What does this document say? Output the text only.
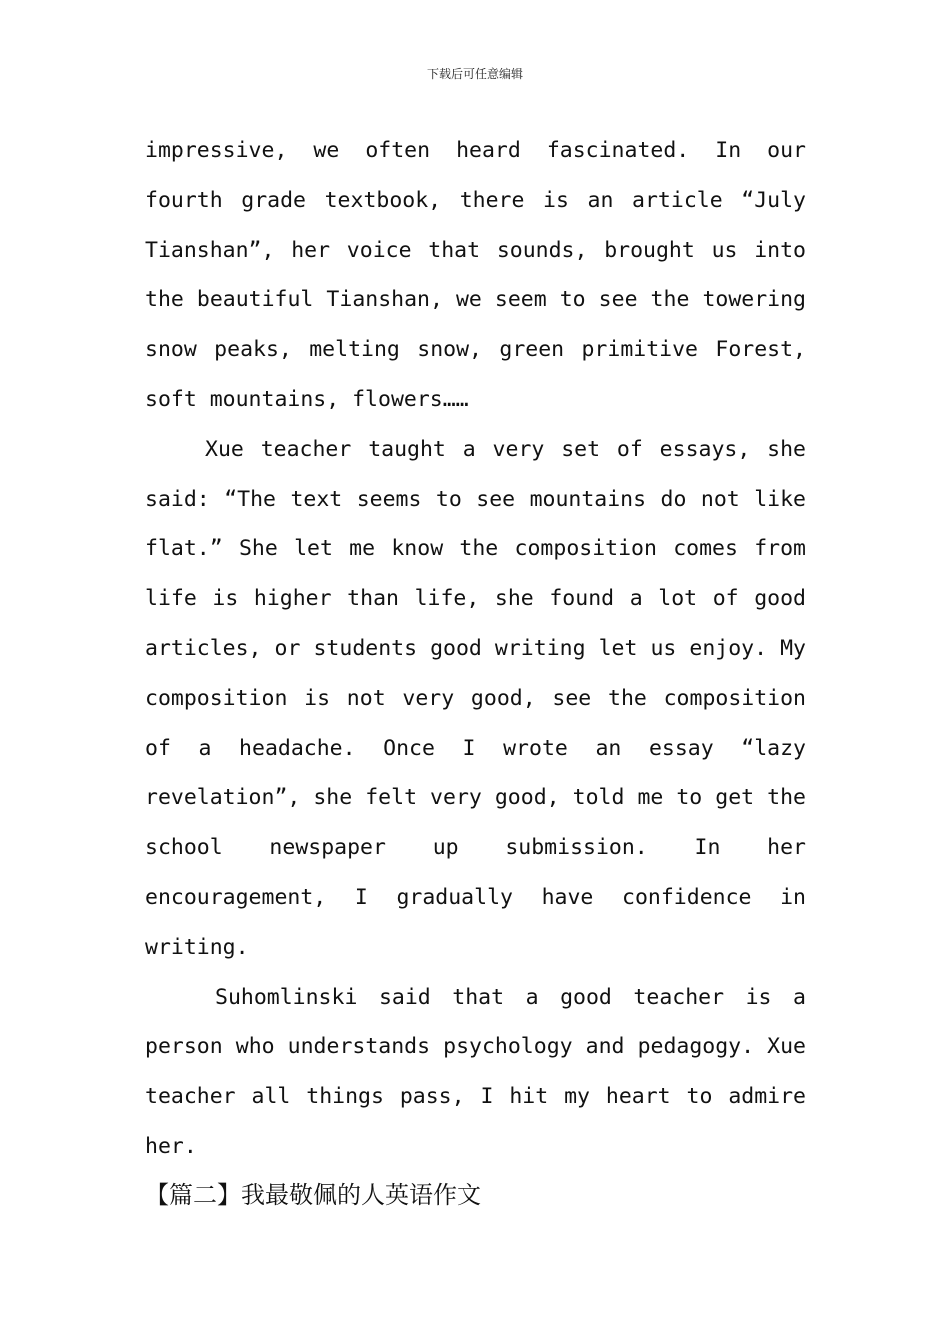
下载后可任意编辑

impressive, we often heard fascinated. In our fourth grade textbook, there is an article “July Tianshan”, her voice that sounds, brought us into the beautiful Tianshan, we seem to see the towering snow peaks, melting snow, green primitive Forest, soft mountains, flowers……

Xue teacher taught a very set of essays, she said: “The text seems to see mountains do not like flat.” She let me know the composition comes from life is higher than life, she found a lot of good articles, or students good writing let us enjoy. My composition is not very good, see the composition of a headache. Once I wrote an essay “lazy revelation”, she felt very good, told me to get the school newspaper up submission. In her encouragement, I gradually have confidence in writing.

Suhomlinski said that a good teacher is a person who understands psychology and pedagogy. Xue teacher all things pass, I hit my heart to admire her.

【篇二】我最敬佩的人英语作文
